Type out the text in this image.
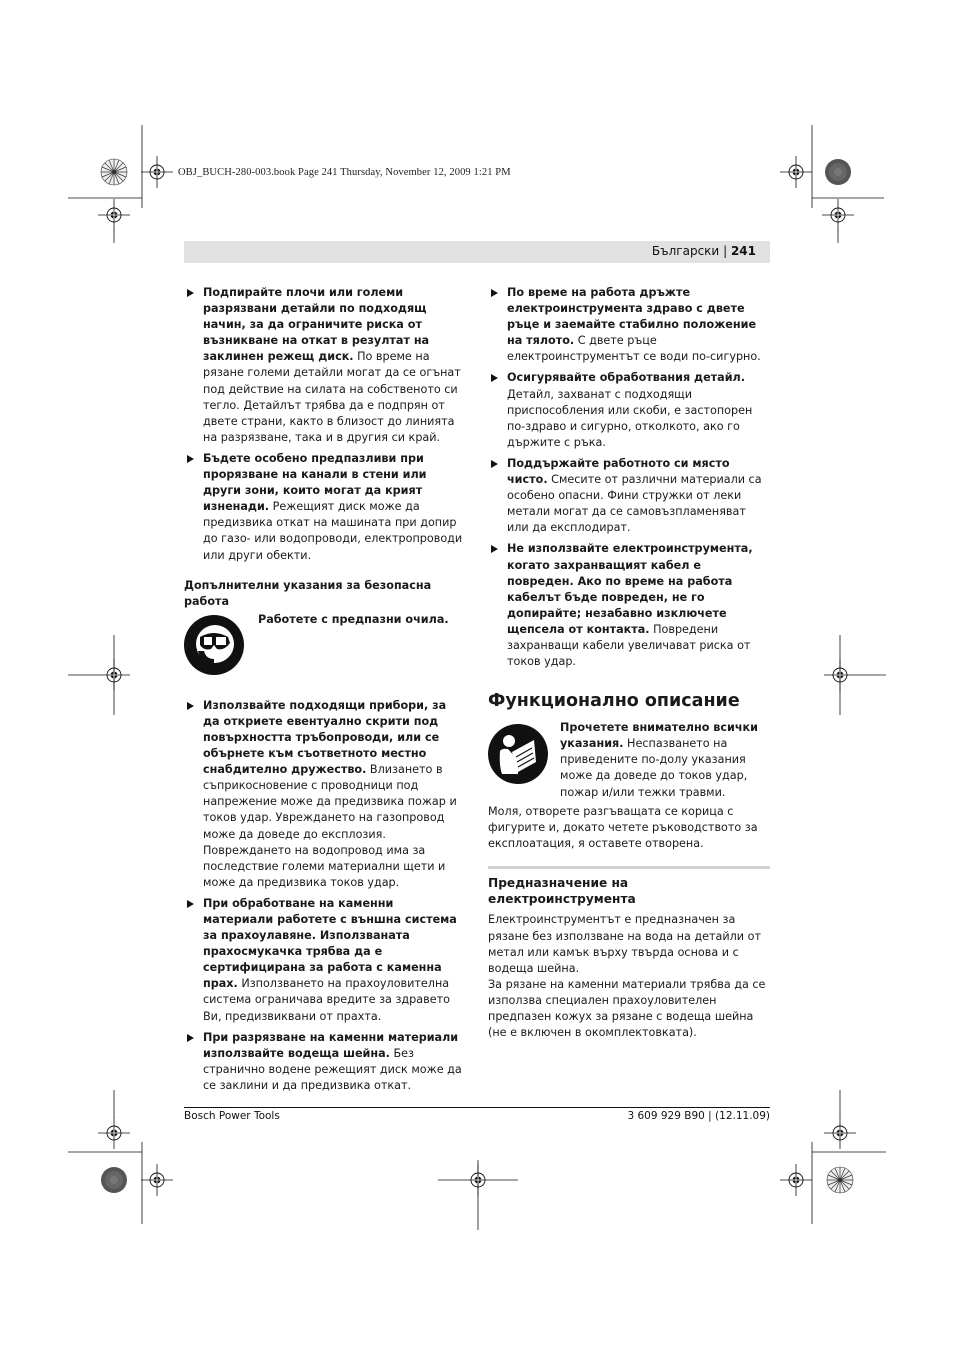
OBJ_BUCH-280-003.book Page 241 Thursday, November 12, 2009 1:21 PM
Български | 241
Подпирайте плочи или големи разрязвани детайли по подходящ начин, за да ограничите риска от възникване на откат в резултат на заклинен режещ диск. По време на рязане големи детайли могат да се огънат под действие на силата на собственото си тегло. Детайлът трябва да е подпрян от двете страни, както в близост до линията на разрязване, така и в другия си край.
Бъдете особено предпазливи при прорязване на канали в стени или други зони, които могат да крият изненади. Режещият диск може да предизвика откат на машината при допир до газо- или водопроводи, електропроводи или други обекти.
Допълнителни указания за безопасна работа
Работете с предпазни очила.
Използвайте подходящи прибори, за да откриете евентуално скрити под повърхността тръбопроводи, или се обърнете към съответното местно снабдително дружество. Влизането в съприкосновение с проводници под напрежение може да предизвика пожар и токов удар. Увреждането на газопровод може да доведе до експлозия. Повреждането на водопровод има за последствие големи материални щети и може да предизвика токов удар.
При обработване на каменни материали работете с външна система за прахоулавяне. Използваната прахосмукачка трябва да е сертифицирана за работа с каменна прах. Използването на прахоуловителна система ограничава вредите за здравето Ви, предизвиквани от прахта.
При разрязване на каменни материали използвайте водеща шейна. Без странично водене режещият диск може да се заклини и да предизвика откат.
По време на работа дръжте електроинструмента здраво с двете ръце и заемайте стабилно положение на тялото. С двете ръце електроинструментът се води по-сигурно.
Осигурявайте обработвания детайл. Детайл, захванат с подходящи приспособления или скоби, е застопорен по-здраво и сигурно, отколкото, ако го държите с ръка.
Поддържайте работното си място чисто. Смесите от различни материали са особено опасни. Фини стружки от леки метали могат да се самовъзпламеняват или да експлодират.
Не използвайте електроинструмента, когато захранващият кабел е повреден. Ако по време на работа кабелът бъде повреден, не го допирайте; незабавно изключете щепсела от контакта. Повредени захранващи кабели увеличават риска от токов удар.
Функционално описание
Прочетете внимателно всички указания. Неспазването на приведените по-долу указания може да доведе до токов удар, пожар и/или тежки травми.
Моля, отворете разгъващата се корица с фигурите и, докато четете ръководството за експлоатация, я оставете отворена.
Предназначение на електроинструмента
Електроинструментът е предназначен за рязане без използване на вода на детайли от метал или камък върху твърда основа и с водеща шейна.
За рязане на каменни материали трябва да се използва специален прахоуловителен предпазен кожух за рязане с водеща шейна (не е включен в окомплектовката).
Bosch Power Tools	3 609 929 B90 | (12.11.09)
